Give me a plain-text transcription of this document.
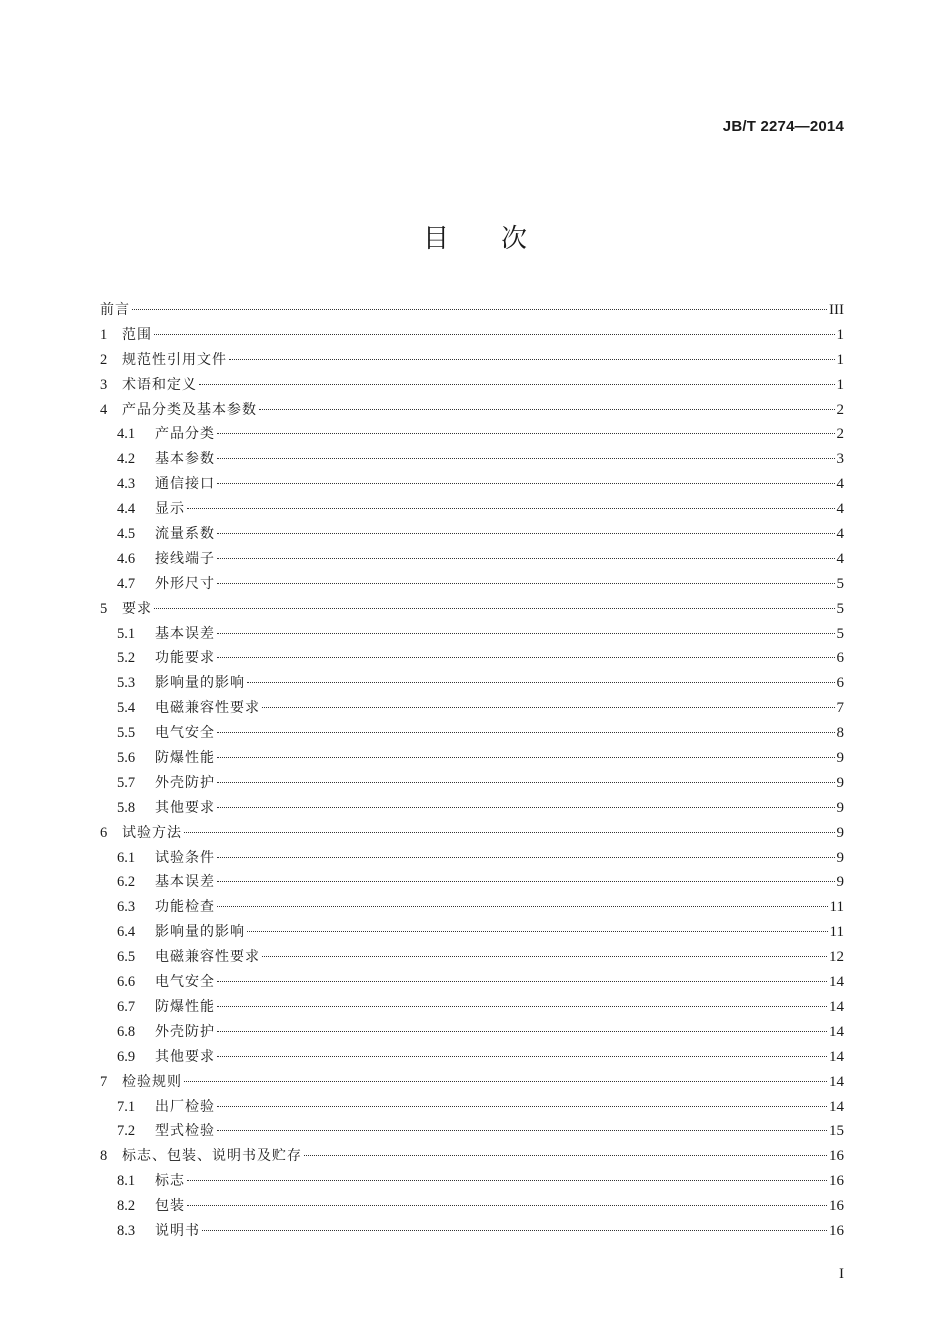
JB/T 2274—2014
目次
前言	III
1	范围	1
2	规范性引用文件	1
3	术语和定义	1
4	产品分类及基本参数	2
4.1	产品分类	2
4.2	基本参数	3
4.3	通信接口	4
4.4	显示	4
4.5	流量系数	4
4.6	接线端子	4
4.7	外形尺寸	5
5	要求	5
5.1	基本误差	5
5.2	功能要求	6
5.3	影响量的影响	6
5.4	电磁兼容性要求	7
5.5	电气安全	8
5.6	防爆性能	9
5.7	外壳防护	9
5.8	其他要求	9
6	试验方法	9
6.1	试验条件	9
6.2	基本误差	9
6.3	功能检查	11
6.4	影响量的影响	11
6.5	电磁兼容性要求	12
6.6	电气安全	14
6.7	防爆性能	14
6.8	外壳防护	14
6.9	其他要求	14
7	检验规则	14
7.1	出厂检验	14
7.2	型式检验	15
8	标志、包装、说明书及贮存	16
8.1	标志	16
8.2	包装	16
8.3	说明书	16
I
